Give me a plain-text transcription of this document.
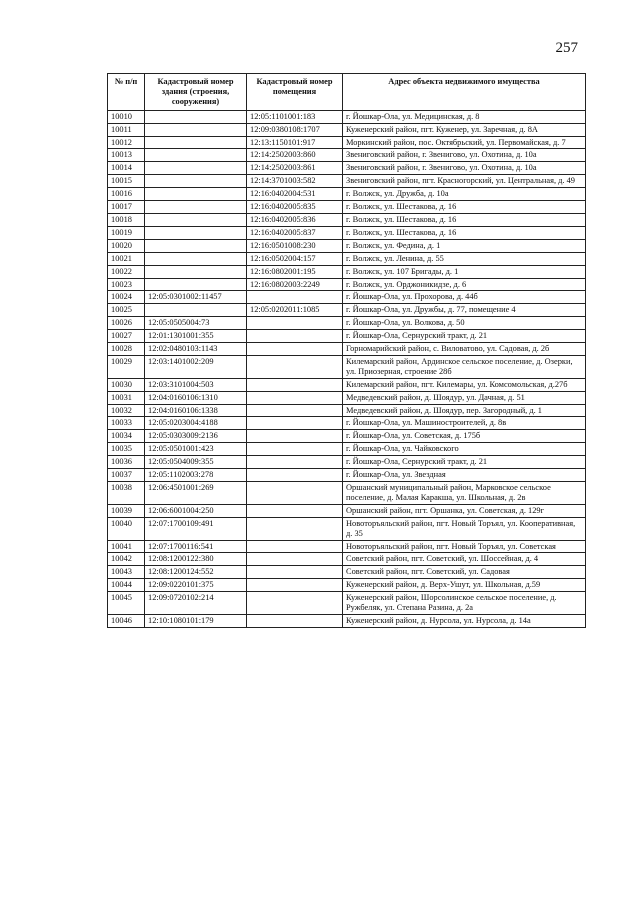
257
№ п/п	Кадастровый номер здания (строения, сооружения)	Кадастровый номер помещения	Адрес объекта недвижимого имущества
10010		12:05:1101001:183	г. Йошкар-Ола, ул. Медицинская, д. 8
10011		12:09:0380108:1707	Куженерский район, пгт. Куженер, ул. Заречная, д. 8А
10012		12:13:1150101:917	Моркинский район, пос. Октябрьский, ул. Первомайская, д. 7
10013		12:14:2502003:860	Звениговский район, г. Звенигово, ул. Охотина, д. 10а
10014		12:14:2502003:861	Звениговский район, г. Звенигово, ул. Охотина, д. 10а
10015		12:14:3701003:582	Звениговский район, пгт. Красногорский, ул. Центральная, д. 49
10016		12:16:0402004:531	г. Волжск, ул. Дружба, д. 10а
10017		12:16:0402005:835	г. Волжск, ул. Шестакова, д. 16
10018		12:16:0402005:836	г. Волжск, ул. Шестакова, д. 16
10019		12:16:0402005:837	г. Волжск, ул. Шестакова, д. 16
10020		12:16:0501008:230	г. Волжск, ул. Федина, д. 1
10021		12:16:0502004:157	г. Волжск, ул. Ленина, д. 55
10022		12:16:0802001:195	г. Волжск, ул. 107 Бригады, д. 1
10023		12:16:0802003:2249	г. Волжск, ул. Орджоникидзе, д. 6
10024	12:05:0301002:11457		г. Йошкар-Ола, ул. Прохорова, д. 44б
10025		12:05:0202011:1085	г. Йошкар-Ола, ул. Дружбы, д. 77, помещение 4
10026	12:05:0505004:73		г. Йошкар-Ола, ул. Волкова, д. 50
10027	12:01:1301001:355		г. Йошкар-Ола, Сернурский тракт, д. 21
10028	12:02:0480103:1143		Горномарийский район, с. Виловатово, ул. Садовая, д. 2б
10029	12:03:1401002:209		Килемарский район, Ардинское сельское поселение, д. Озерки, ул. Приозерная, строение 28б
10030	12:03:3101004:503		Килемарский район, пгт. Килемары, ул. Комсомольская, д.27б
10031	12:04:0160106:1310		Медведевский район, д. Шоядур, ул. Дачная, д. 51
10032	12:04:0160106:1338		Медведевский район, д. Шоядур, пер. Загородный, д. 1
10033	12:05:0203004:4188		г. Йошкар-Ола, ул. Машиностроителей, д. 8в
10034	12:05:0303009:2136		г. Йошкар-Ола, ул. Советская, д. 175б
10035	12:05:0501001:423		г. Йошкар-Ола, ул. Чайковского
10036	12:05:0504009:355		г. Йошкар-Ола, Сернурский тракт, д. 21
10037	12:05:1102003:278		г. Йошкар-Ола, ул. Звездная
10038	12:06:4501001:269		Оршанский муниципальный район, Марковское сельское поселение, д. Малая Каракша, ул. Школьная, д. 2в
10039	12:06:6001004:250		Оршанский район, пгт. Оршанка, ул. Советская, д. 129г
10040	12:07:1700109:491		Новоторъяльский район, пгт. Новый Торъял, ул. Кооперативная, д. 35
10041	12:07:1700116:541		Новоторъяльский район, пгт. Новый Торъял, ул. Советская
10042	12:08:1200122:380		Советский район, пгт. Советский, ул. Шоссейная, д. 4
10043	12:08:1200124:552		Советский район, пгт. Советский, ул. Садовая
10044	12:09:0220101:375		Куженерский район, д. Верх-Ушут, ул. Школьная, д.59
10045	12:09:0720102:214		Куженерский район, Шорсолинское сельское поселение, д. Ружбеляк, ул. Степана Разина, д. 2а
10046	12:10:1080101:179		Куженерский район, д. Нурсола, ул. Нурсола, д. 14а
